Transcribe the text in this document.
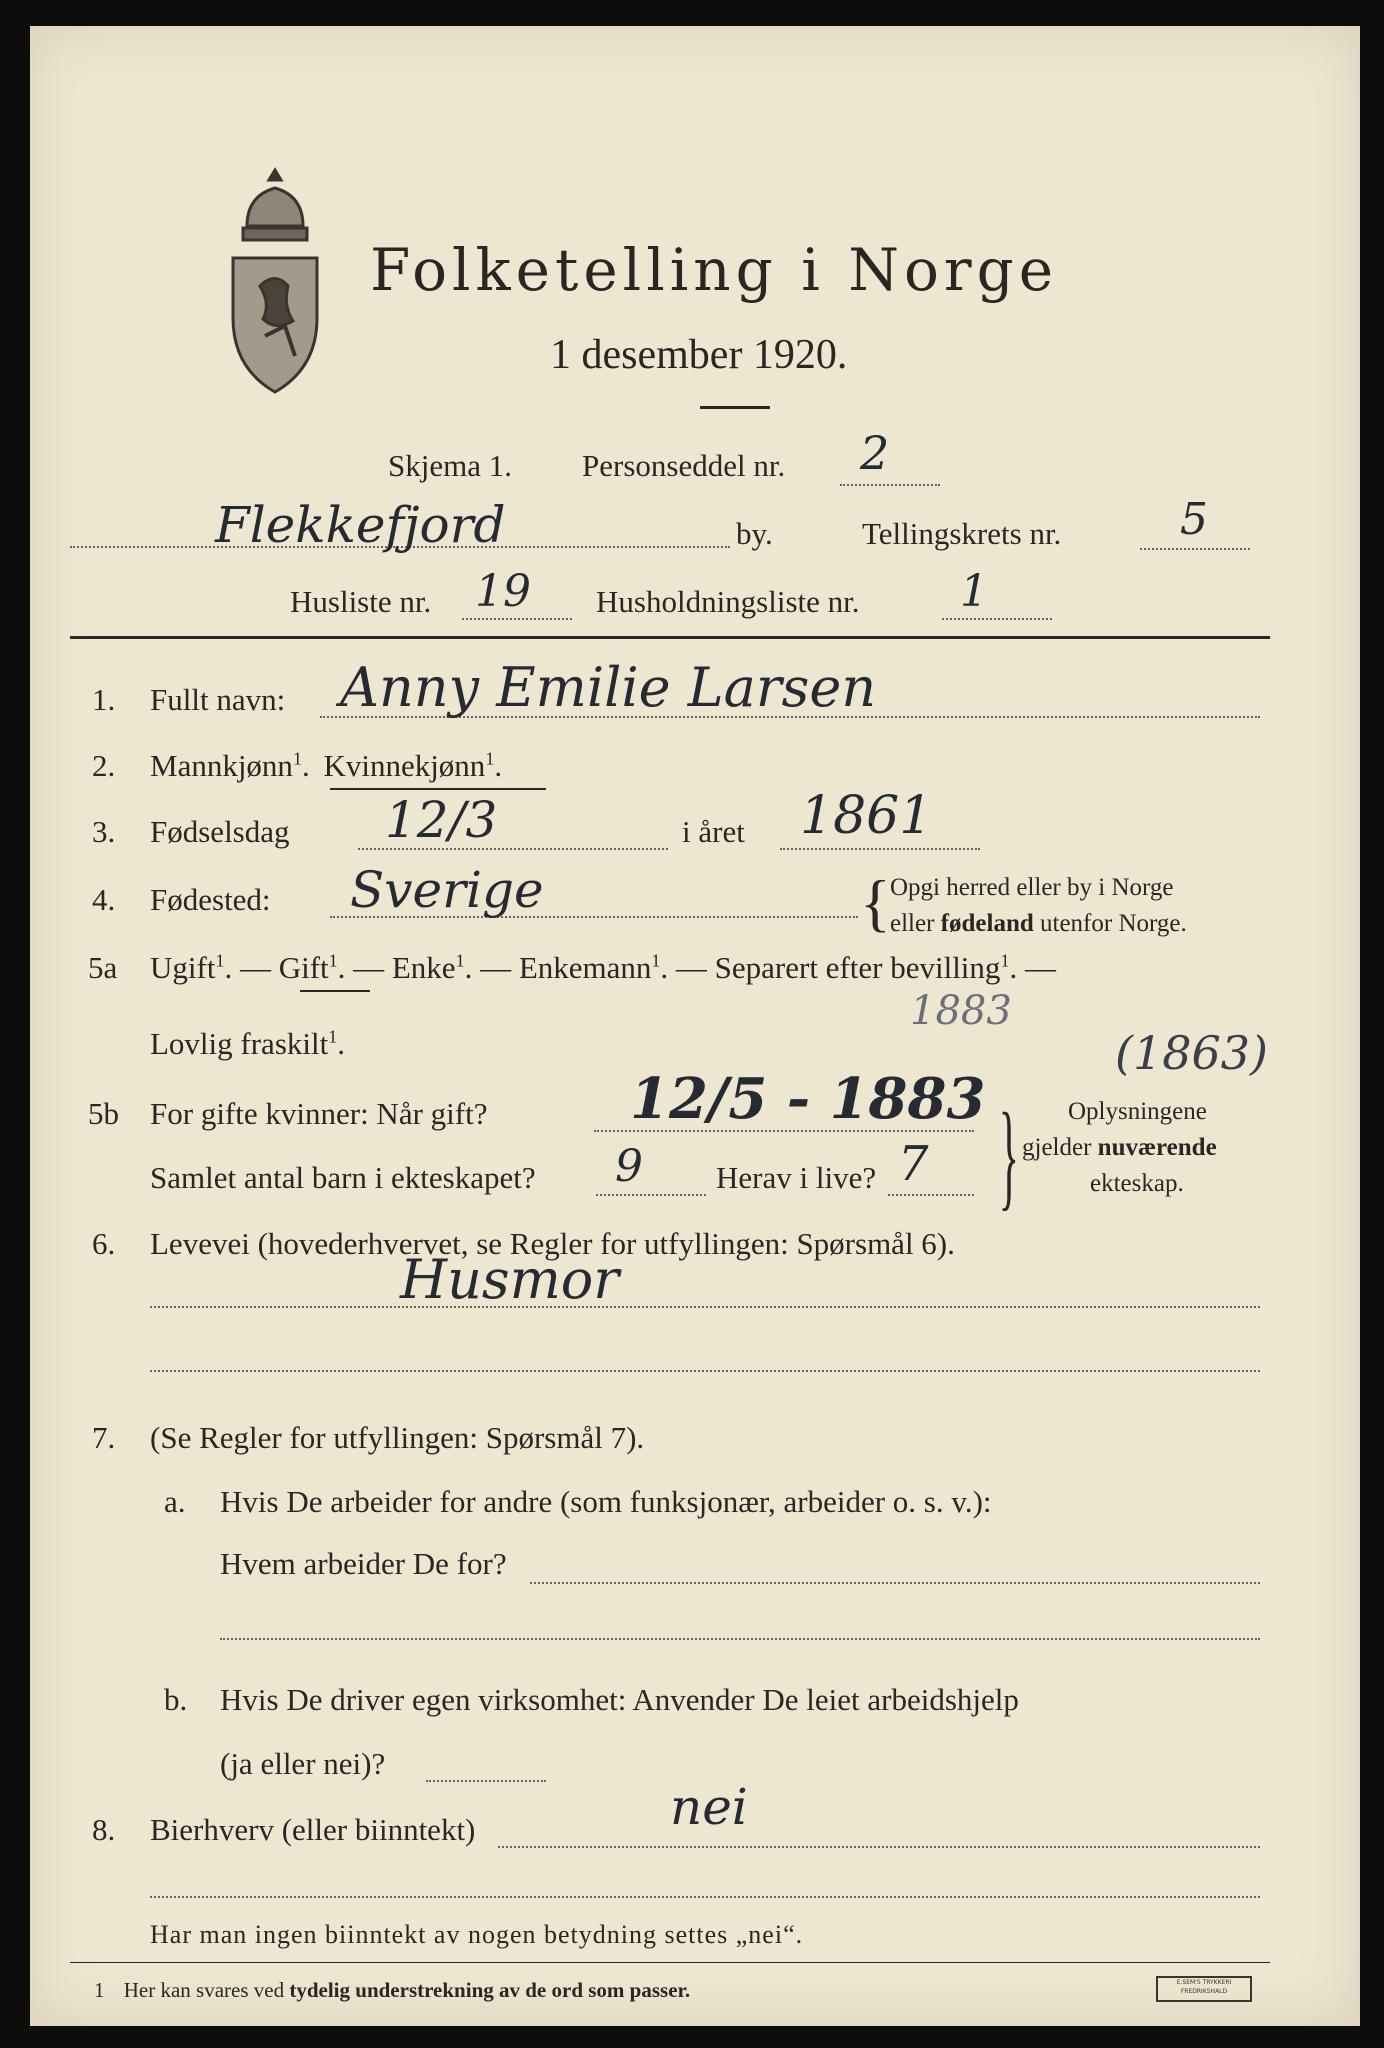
Folketelling i Norge
1 desember 1920.
Skjema 1. Personseddel nr. 2
Flekkefjord	by.	Tellingskrets nr.	5
Husliste nr. 19 Husholdningsliste nr. 1
1. Fullt navn: Anny Emilie Larsen
2. Mannkjønn$^1$. Kvinnekjønn$^1$.
3. Fødselsdag 12/3	i året 1861
4. Fødested: Sverige	{ Opgi herred eller by i Norge
eller fødeland utenfor Norge.
5a Ugift$^1$. — Gift$^1$. — Enke$^1$. — Enkemann$^1$. — Separert efter bevilling$^1$. —
Lovlig fraskilt$^1$.
1883
(1863)
5b For gifte kvinner: Når gift?	12/5 - 1883
Samlet antal barn i ekteskapet? 9 Herav i live? 7 } Oplysningene
gjelder nuværende
ekteskap.
6. Levevei (hovederhvervet, se Regler for utfyllingen: Spørsmål 6).
Husmor
7. (Se Regler for utfyllingen: Spørsmål 7).
a. Hvis De arbeider for andre (som funksjonær, arbeider o. s. v.):
Hvem arbeider De for?
b. Hvis De driver egen virksomhet: Anvender De leiet arbeidshjelp
(ja eller nei)?
8. Bierhverv (eller biinntekt)	nei
Har man ingen biinntekt av nogen betydning settes „nei“.
1 Her kan svares ved tydelig understrekning av de ord som passer.	E.SEM'S TRYKKERI
FREDRIKSHALD
